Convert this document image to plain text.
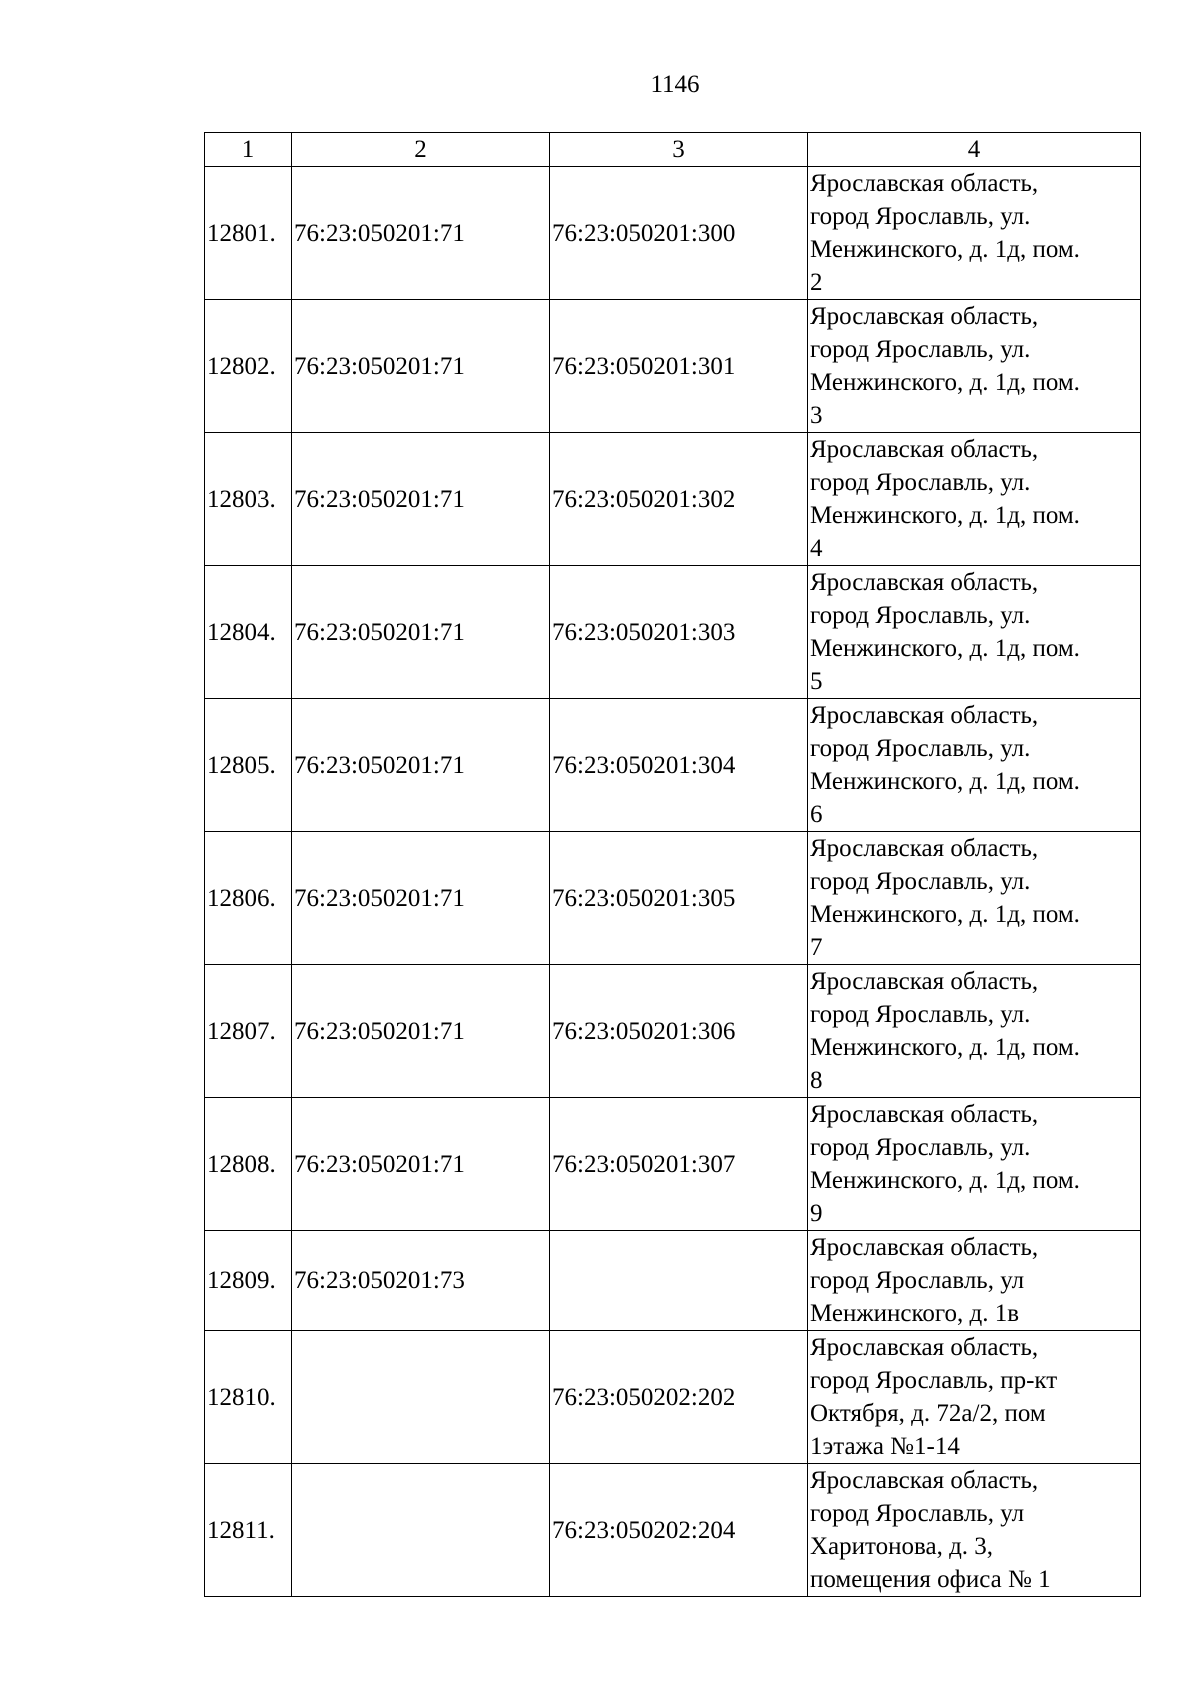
1146
1	2	3	4
12801.	76:23:050201:71	76:23:050201:300	Ярославская область,
город Ярославль, ул.
Менжинского, д. 1д, пом.
2

12802.	76:23:050201:71	76:23:050201:301	Ярославская область,
город Ярославль, ул.
Менжинского, д. 1д, пом.
3

12803.	76:23:050201:71	76:23:050201:302	Ярославская область,
город Ярославль, ул.
Менжинского, д. 1д, пом.
4

12804.	76:23:050201:71	76:23:050201:303	Ярославская область,
город Ярославль, ул.
Менжинского, д. 1д, пом.
5

12805.	76:23:050201:71	76:23:050201:304	Ярославская область,
город Ярославль, ул.
Менжинского, д. 1д, пом.
6

12806.	76:23:050201:71	76:23:050201:305	Ярославская область,
город Ярославль, ул.
Менжинского, д. 1д, пом.
7

12807.	76:23:050201:71	76:23:050201:306	Ярославская область,
город Ярославль, ул.
Менжинского, д. 1д, пом.
8

12808.	76:23:050201:71	76:23:050201:307	Ярославская область,
город Ярославль, ул.
Менжинского, д. 1д, пом.
9

12809.	76:23:050201:73		Ярославская область,
город Ярославль, ул
Менжинского, д. 1в

12810.		76:23:050202:202	Ярославская область,
город Ярославль, пр-кт
Октября, д. 72а/2, пом
1этажа №1-14

12811.		76:23:050202:204	Ярославская область,
город Ярославль, ул
Харитонова, д. 3,
помещения офиса № 1
